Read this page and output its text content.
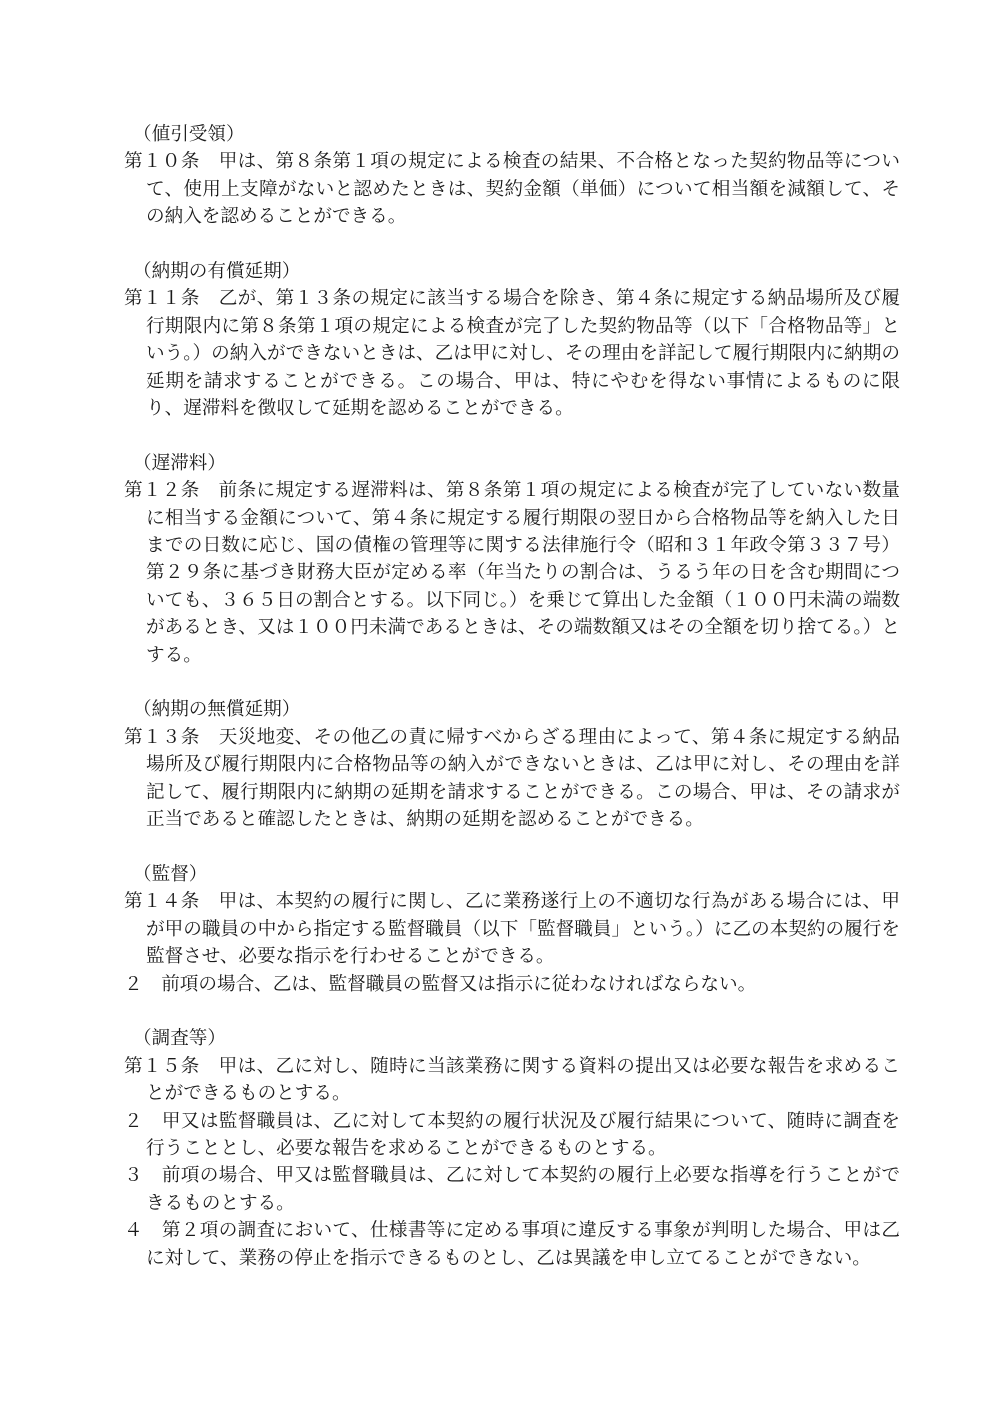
（値引受領）
第１０条　甲は、第８条第１項の規定による検査の結果、不合格となった契約物品等について、使用上支障がないと認めたときは、契約金額（単価）について相当額を減額して、その納入を認めることができる。
（納期の有償延期）
第１１条　乙が、第１３条の規定に該当する場合を除き、第４条に規定する納品場所及び履行期限内に第８条第１項の規定による検査が完了した契約物品等（以下「合格物品等」という。）の納入ができないときは、乙は甲に対し、その理由を詳記して履行期限内に納期の延期を請求することができる。この場合、甲は、特にやむを得ない事情によるものに限り、遅滞料を徴収して延期を認めることができる。
（遅滞料）
第１２条　前条に規定する遅滞料は、第８条第１項の規定による検査が完了していない数量に相当する金額について、第４条に規定する履行期限の翌日から合格物品等を納入した日までの日数に応じ、国の債権の管理等に関する法律施行令（昭和３１年政令第３３７号）第２９条に基づき財務大臣が定める率（年当たりの割合は、うるう年の日を含む期間についても、３６５日の割合とする。以下同じ。）を乗じて算出した金額（１００円未満の端数があるとき、又は１００円未満であるときは、その端数額又はその全額を切り捨てる。）とする。
（納期の無償延期）
第１３条　天災地変、その他乙の責に帰すべからざる理由によって、第４条に規定する納品場所及び履行期限内に合格物品等の納入ができないときは、乙は甲に対し、その理由を詳記して、履行期限内に納期の延期を請求することができる。この場合、甲は、その請求が正当であると確認したときは、納期の延期を認めることができる。
（監督）
第１４条　甲は、本契約の履行に関し、乙に業務遂行上の不適切な行為がある場合には、甲が甲の職員の中から指定する監督職員（以下「監督職員」という。）に乙の本契約の履行を監督させ、必要な指示を行わせることができる。
２　前項の場合、乙は、監督職員の監督又は指示に従わなければならない。
（調査等）
第１５条　甲は、乙に対し、随時に当該業務に関する資料の提出又は必要な報告を求めることができるものとする。
２　甲又は監督職員は、乙に対して本契約の履行状況及び履行結果について、随時に調査を行うこととし、必要な報告を求めることができるものとする。
３　前項の場合、甲又は監督職員は、乙に対して本契約の履行上必要な指導を行うことができるものとする。
４　第２項の調査において、仕様書等に定める事項に違反する事象が判明した場合、甲は乙に対して、業務の停止を指示できるものとし、乙は異議を申し立てることができない。
